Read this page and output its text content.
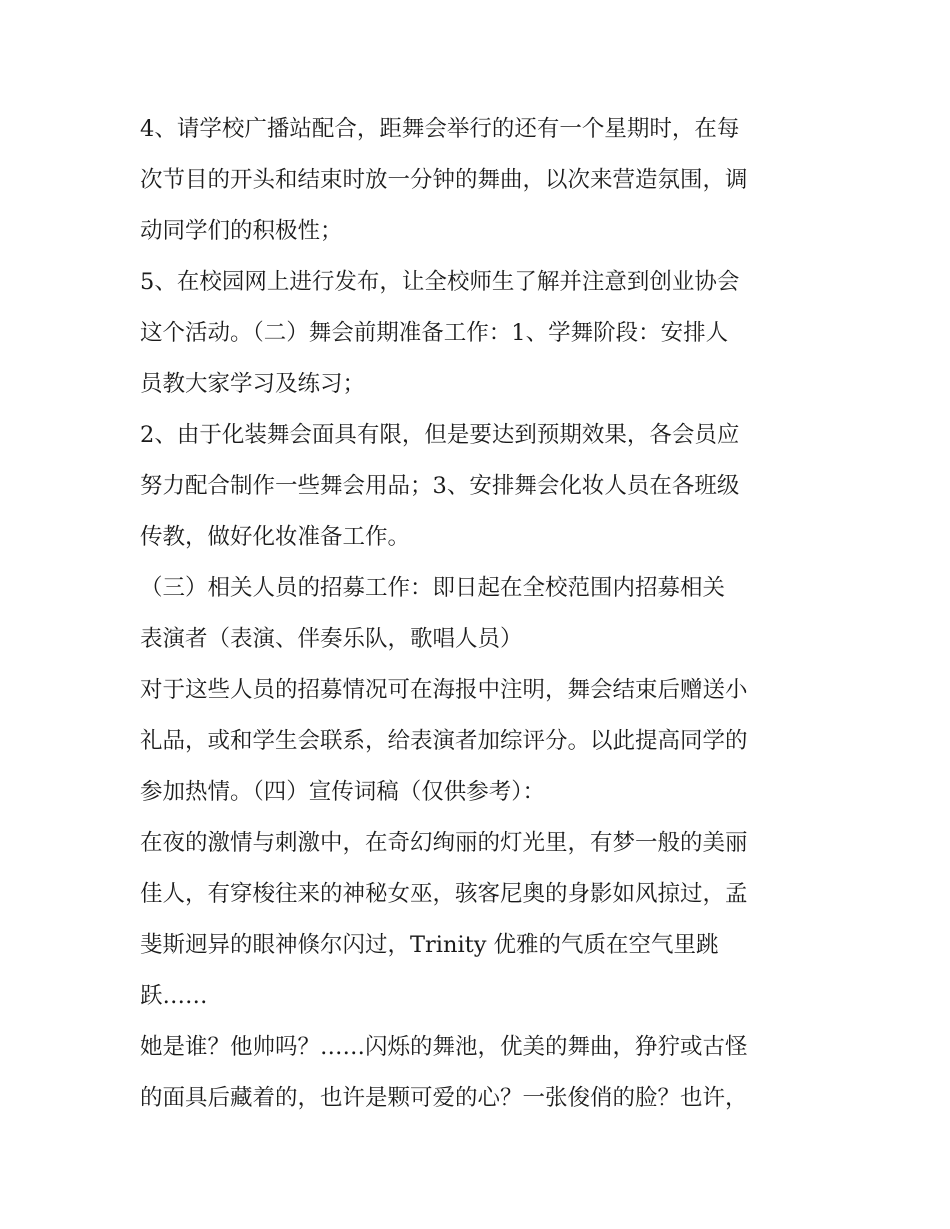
4、请学校广播站配合，距舞会举行的还有一个星期时，在每
次节目的开头和结束时放一分钟的舞曲，以次来营造氛围，调
动同学们的积极性；
5、在校园网上进行发布，让全校师生了解并注意到创业协会
这个活动。（二）舞会前期准备工作：1、学舞阶段：安排人
员教大家学习及练习；
2、由于化装舞会面具有限，但是要达到预期效果，各会员应
努力配合制作一些舞会用品；3、安排舞会化妆人员在各班级
传教，做好化妆准备工作。
（三）相关人员的招募工作：即日起在全校范围内招募相关
表演者（表演、伴奏乐队，歌唱人员）
对于这些人员的招募情况可在海报中注明，舞会结束后赠送小
礼品，或和学生会联系，给表演者加综评分。以此提高同学的
参加热情。（四）宣传词稿（仅供参考）：
在夜的激情与刺激中，在奇幻绚丽的灯光里，有梦一般的美丽
佳人，有穿梭往来的神秘女巫，骇客尼奥的身影如风掠过，孟
斐斯迥异的眼神倏尔闪过，Trinity 优雅的气质在空气里跳
跃……
她是谁？他帅吗？……闪烁的舞池，优美的舞曲，狰狞或古怪
的面具后藏着的，也许是颗可爱的心？一张俊俏的脸？也许，
